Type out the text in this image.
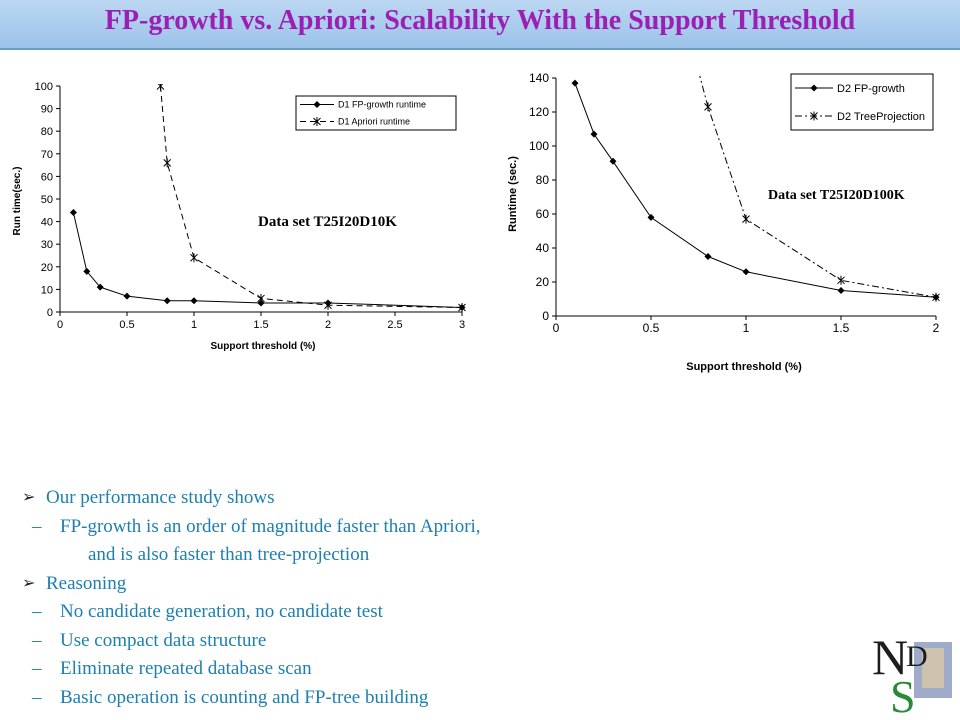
FP-growth vs. Apriori: Scalability With the Support Threshold
0
10
20
30
40
50
60
70
80
90
100
0	0.5	1	1.5	2	2.5	3
Support threshold (%)
Run time(sec.)
D1 FP-growth runtime
D1 Apriori runtime
Data set T25I20D10K
0
20
40
60
80
100
120
140
0	0.5	1	1.5	2
Support threshold (%)
Runtime (sec.)
D2 FP-growth
D2 TreeProjection
Data set T25I20D100K
➢ Our performance study shows
– FP-growth is an order of magnitude faster than Apriori,
and is also faster than tree-projection
➢ Reasoning
– No candidate generation, no candidate test
– Use compact data structure
– Eliminate repeated database scan
– Basic operation is counting and FP-tree building
N
D
S
